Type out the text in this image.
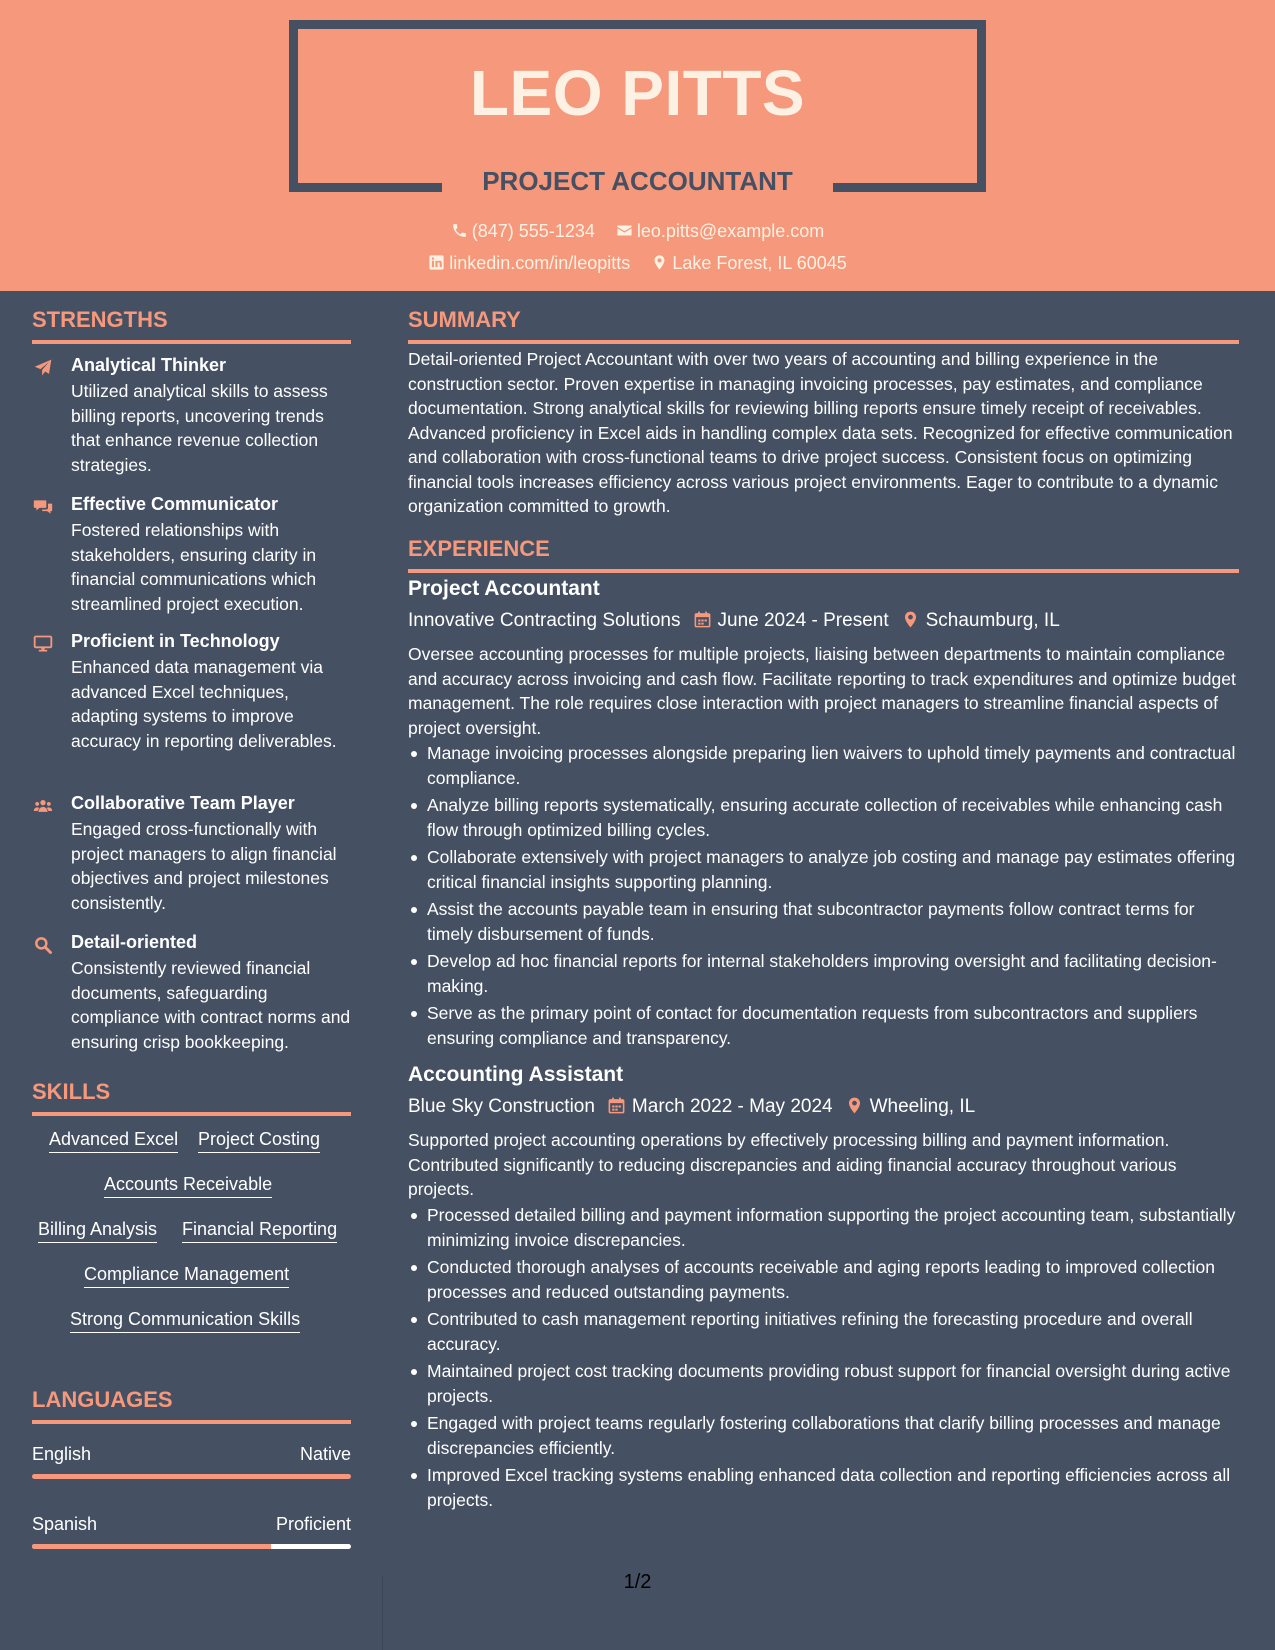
LEO PITTS
PROJECT ACCOUNTANT
(847) 555-1234 leo.pitts@example.com
linkedin.com/in/leopitts Lake Forest, IL 60045
STRENGTHS
Analytical Thinker
Utilized analytical skills to assess billing reports, uncovering trends that enhance revenue collection strategies.
Effective Communicator
Fostered relationships with stakeholders, ensuring clarity in financial communications which streamlined project execution.
Proficient in Technology
Enhanced data management via advanced Excel techniques, adapting systems to improve accuracy in reporting deliverables.
Collaborative Team Player
Engaged cross-functionally with project managers to align financial objectives and project milestones consistently.
Detail-oriented
Consistently reviewed financial documents, safeguarding compliance with contract norms and ensuring crisp bookkeeping.
SKILLS
Advanced Excel Project Costing
Accounts Receivable
Billing Analysis Financial Reporting
Compliance Management
Strong Communication Skills
LANGUAGES
English	Native
Spanish	Proficient
SUMMARY
Detail-oriented Project Accountant with over two years of accounting and billing experience in the construction sector. Proven expertise in managing invoicing processes, pay estimates, and compliance documentation. Strong analytical skills for reviewing billing reports ensure timely receipt of receivables. Advanced proficiency in Excel aids in handling complex data sets. Recognized for effective communication and collaboration with cross-functional teams to drive project success. Consistent focus on optimizing financial tools increases efficiency across various project environments. Eager to contribute to a dynamic organization committed to growth.
EXPERIENCE
Project Accountant
Innovative Contracting Solutions June 2024 - Present Schaumburg, IL
Oversee accounting processes for multiple projects, liaising between departments to maintain compliance and accuracy across invoicing and cash flow. Facilitate reporting to track expenditures and optimize budget management. The role requires close interaction with project managers to streamline financial aspects of project oversight.
Manage invoicing processes alongside preparing lien waivers to uphold timely payments and contractual compliance.
Analyze billing reports systematically, ensuring accurate collection of receivables while enhancing cash flow through optimized billing cycles.
Collaborate extensively with project managers to analyze job costing and manage pay estimates offering critical financial insights supporting planning.
Assist the accounts payable team in ensuring that subcontractor payments follow contract terms for timely disbursement of funds.
Develop ad hoc financial reports for internal stakeholders improving oversight and facilitating decision-making.
Serve as the primary point of contact for documentation requests from subcontractors and suppliers ensuring compliance and transparency.
Accounting Assistant
Blue Sky Construction March 2022 - May 2024 Wheeling, IL
Supported project accounting operations by effectively processing billing and payment information. Contributed significantly to reducing discrepancies and aiding financial accuracy throughout various projects.
Processed detailed billing and payment information supporting the project accounting team, substantially minimizing invoice discrepancies.
Conducted thorough analyses of accounts receivable and aging reports leading to improved collection processes and reduced outstanding payments.
Contributed to cash management reporting initiatives refining the forecasting procedure and overall accuracy.
Maintained project cost tracking documents providing robust support for financial oversight during active projects.
Engaged with project teams regularly fostering collaborations that clarify billing processes and manage discrepancies efficiently.
Improved Excel tracking systems enabling enhanced data collection and reporting efficiencies across all projects.
1/2
